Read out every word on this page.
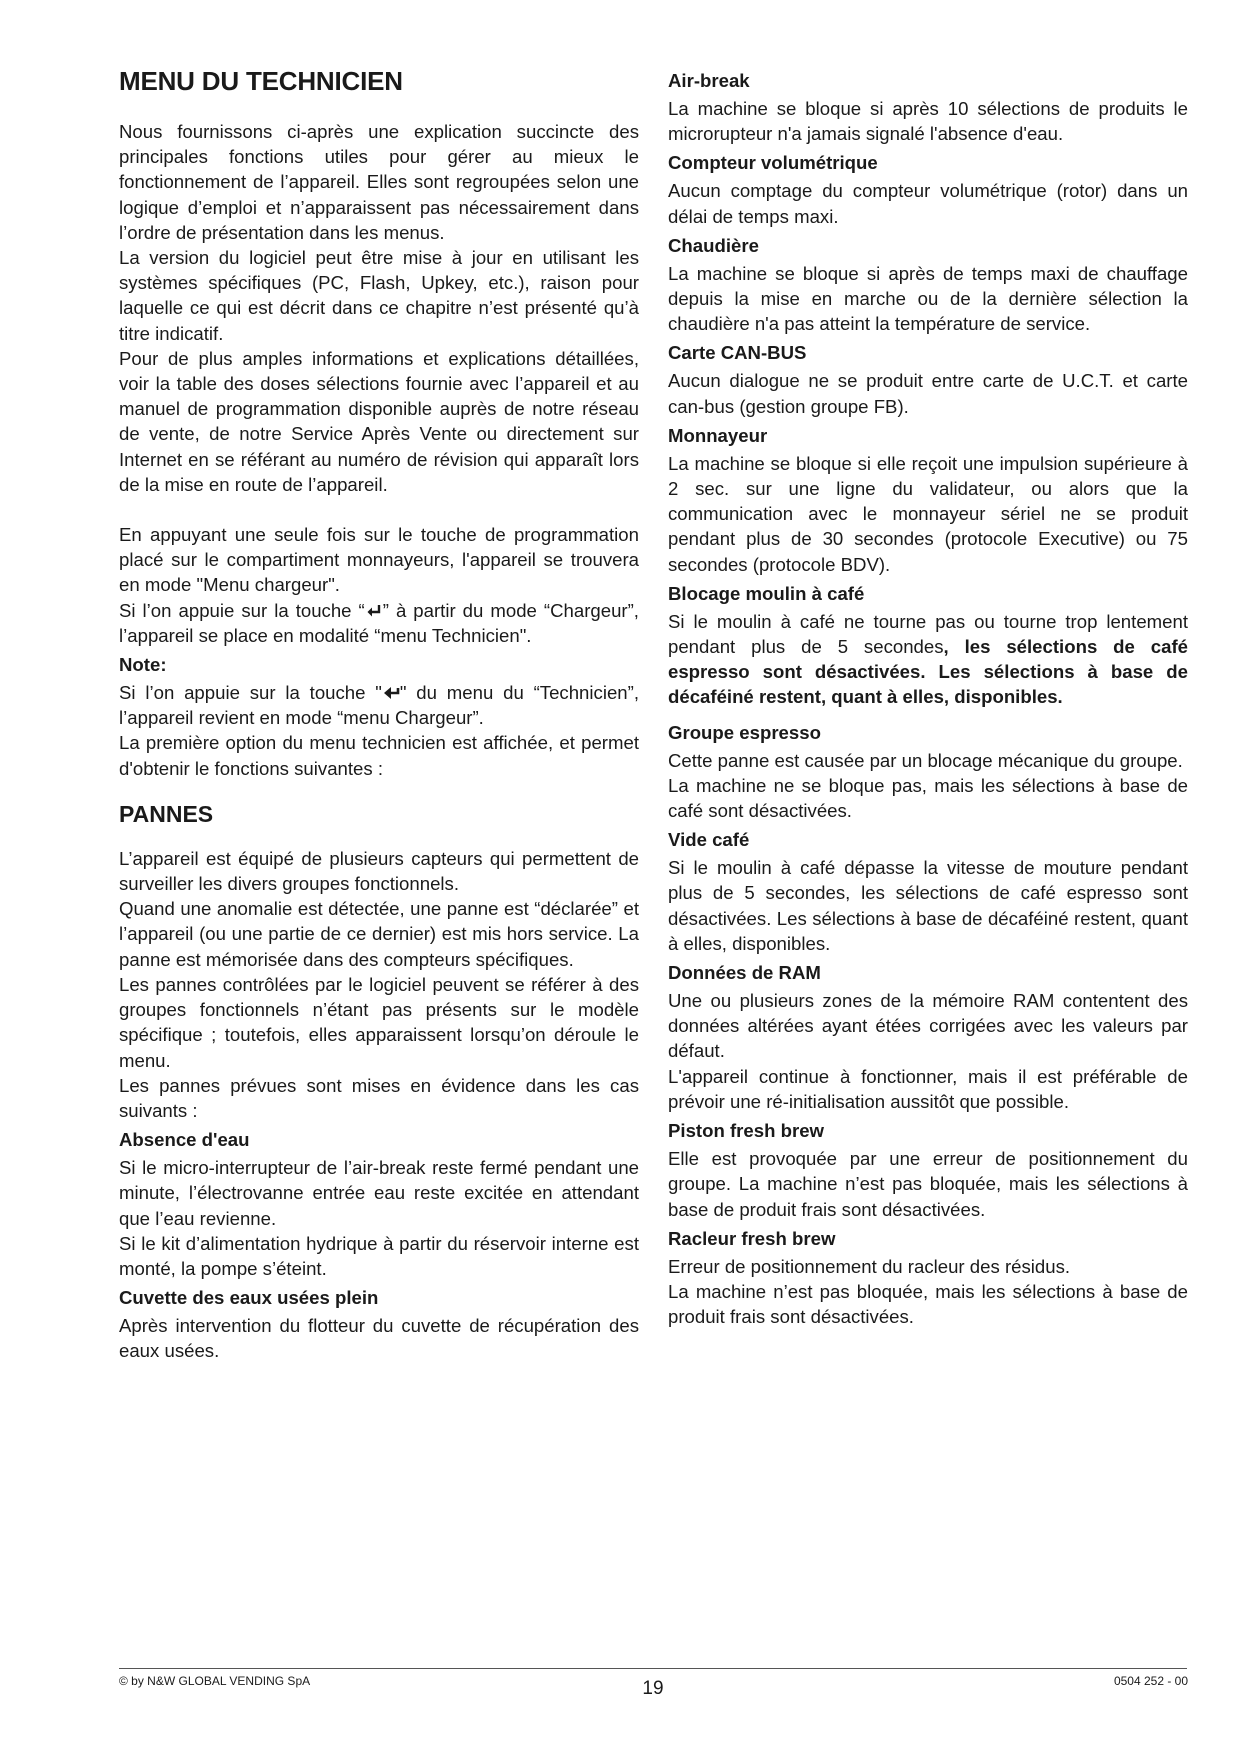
MENU DU TECHNICIEN

Nous fournissons ci-après une explication succincte des principales fonctions utiles pour gérer au mieux le fonctionnement de l’appareil. Elles sont regroupées selon une logique d’emploi et n’apparaissent pas nécessairement dans l’ordre de présentation dans les menus.

La version du logiciel peut être mise à jour en utilisant les systèmes spécifiques (PC, Flash, Upkey, etc.), raison pour laquelle ce qui est décrit dans ce chapitre n’est présenté qu’à titre indicatif.

Pour de plus amples informations et explications détaillées, voir la table des doses sélections fournie avec l’appareil et au manuel de programmation disponible auprès de notre réseau de vente, de notre Service Après Vente ou directement sur Internet en se référant au numéro de révision qui apparaît lors de la mise en route de l’appareil.

En appuyant une seule fois sur le touche de programmation placé sur le compartiment monnayeurs, l'appareil se trouvera en mode "Menu chargeur".

Si l’on appuie sur la touche “ ” à partir du mode “Chargeur”, l’appareil se place en modalité “menu Technicien".

Note:

Si l’on appuie sur la touche " " du menu du “Technicien”, l’appareil revient en mode “menu Chargeur”.

La première option du menu technicien est affichée, et permet d'obtenir le fonctions suivantes :

PANNES

L’appareil est équipé de plusieurs capteurs qui permettent de surveiller les divers groupes fonctionnels.

Quand une anomalie est détectée, une panne est “déclarée” et l’appareil (ou une partie de ce dernier) est mis hors service. La panne est mémorisée dans des compteurs spécifiques.

Les pannes contrôlées par le logiciel peuvent se référer à des groupes fonctionnels n’étant pas présents sur le modèle spécifique ; toutefois, elles apparaissent lorsqu’on déroule le menu.

Les pannes prévues sont mises en évidence dans les cas suivants :

Absence d'eau

Si le micro-interrupteur de l’air-break reste fermé pendant une minute, l’électrovanne entrée eau reste excitée en attendant que l’eau revienne.

Si le kit d’alimentation hydrique à partir du réservoir interne est monté, la pompe s’éteint.

Cuvette des eaux usées plein

Après intervention du flotteur du cuvette de récupération des eaux usées.

Air-break

La machine se bloque si après 10 sélections de produits le microrupteur n'a jamais signalé l'absence d'eau.

Compteur volumétrique

Aucun comptage du compteur volumétrique (rotor) dans un délai de temps maxi.

Chaudière

La machine se bloque si après de temps maxi de chauffage depuis la mise en marche ou de la dernière sélection la chaudière n'a pas atteint la température de service.

Carte CAN-BUS

Aucun dialogue ne se produit entre carte de U.C.T. et carte can-bus (gestion groupe FB).

Monnayeur

La machine se bloque si elle reçoit une impulsion supérieure à 2 sec. sur une ligne du validateur, ou alors que la communication avec le monnayeur sériel ne se produit pendant plus de 30 secondes (protocole Executive) ou 75 secondes (protocole BDV).

Blocage moulin à café

Si le moulin à café ne tourne pas ou tourne trop lentement pendant plus de 5 secondes, les sélections de café espresso sont désactivées. Les sélections à base de décaféiné restent, quant à elles, disponibles.

Groupe espresso

Cette panne est causée par un blocage mécanique du groupe.

La machine ne se bloque pas, mais les sélections à base de café sont désactivées.

Vide café

Si le moulin à café dépasse la vitesse de mouture pendant plus de 5 secondes, les sélections de café espresso sont désactivées. Les sélections à base de décaféiné restent, quant à elles, disponibles.

Données de RAM

Une ou plusieurs zones de la mémoire RAM contentent des données altérées ayant étées corrigées avec les valeurs par défaut.

L'appareil continue à fonctionner, mais il est préférable de prévoir une ré-initialisation aussitôt que possible.

Piston fresh brew

Elle est provoquée par une erreur de positionnement du groupe. La machine n’est pas bloquée, mais les sélections à base de produit frais sont désactivées.

Racleur fresh brew

Erreur de positionnement du racleur des résidus.

La machine n’est pas bloquée, mais les sélections à base de produit frais sont désactivées.

© by N&W GLOBAL VENDING SpA	19	0504 252 - 00
